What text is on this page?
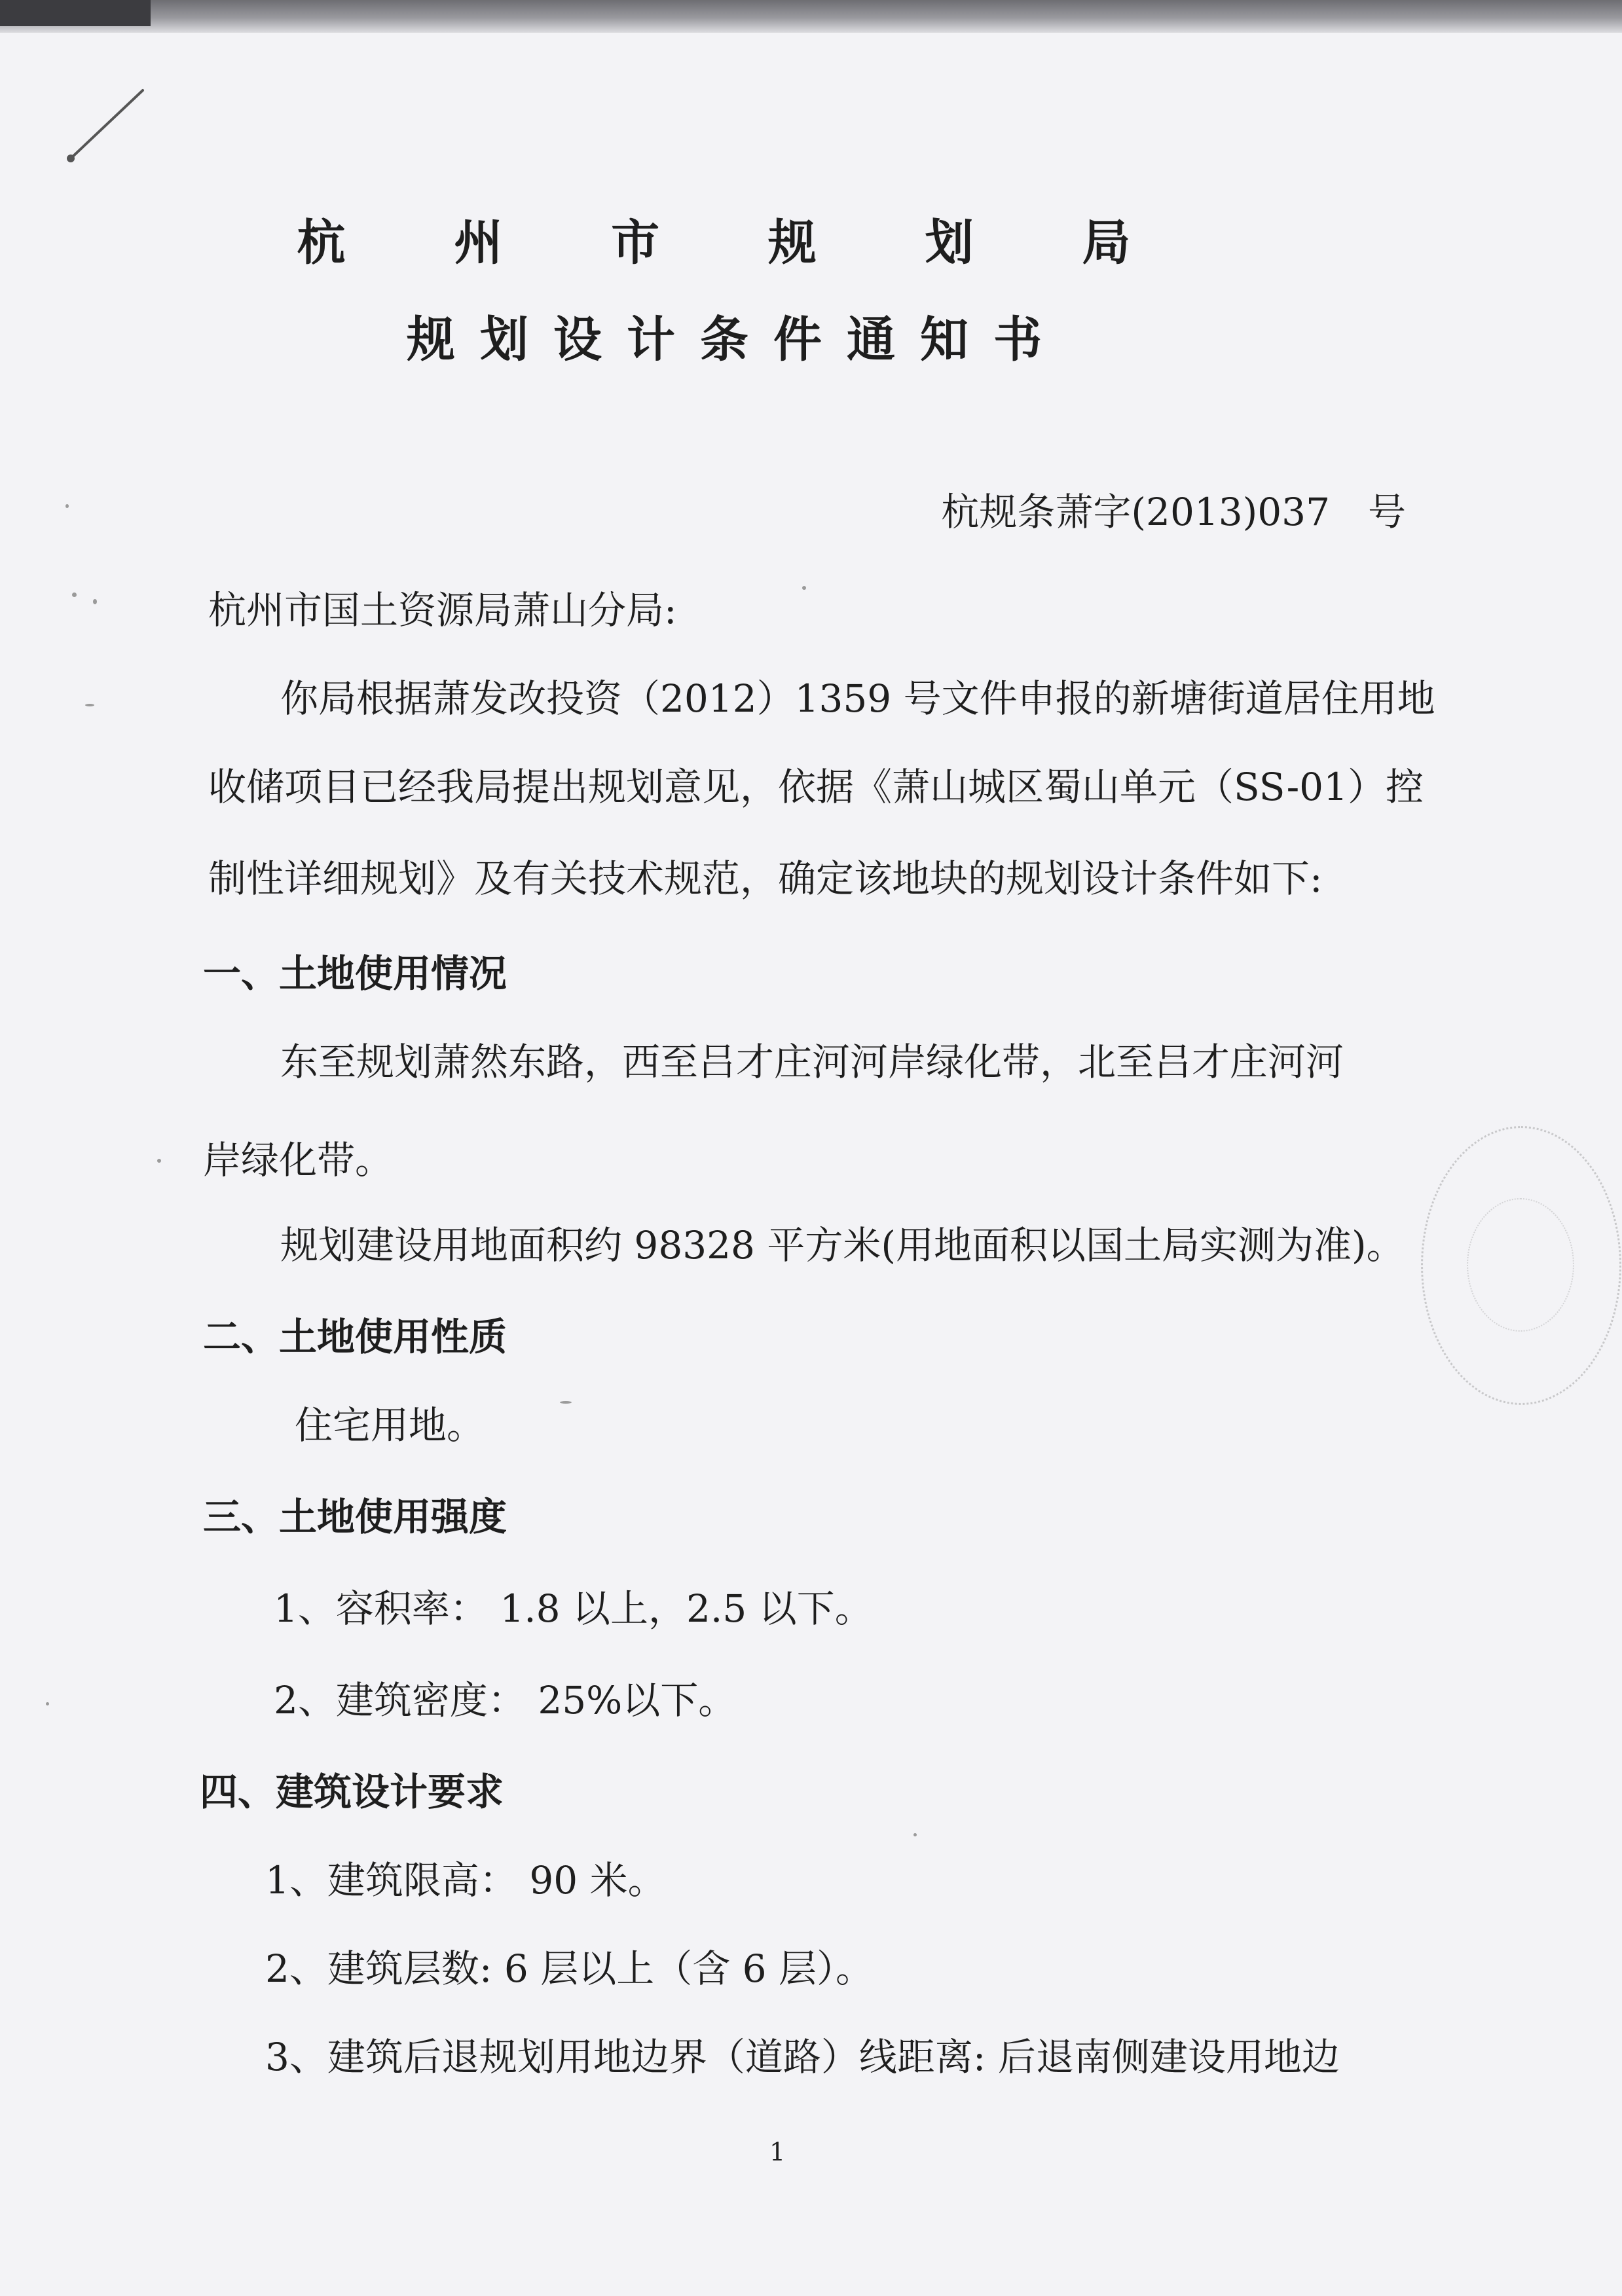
杭 州 市 规 划 局
规划设计条件通知书
杭规条萧字(2013)037　号

杭州市国土资源局萧山分局:

你局根据萧发改投资（2012）1359 号文件申报的新塘街道居住用地

收储项目已经我局提出规划意见，依据《萧山城区蜀山单元（SS-01）控

制性详细规划》及有关技术规范，确定该地块的规划设计条件如下:

一、土地使用情况

东至规划萧然东路，西至吕才庄河河岸绿化带，北至吕才庄河河

岸绿化带。

规划建设用地面积约 98328 平方米(用地面积以国土局实测为准)。

二、土地使用性质

住宅用地。

三、土地使用强度

1、容积率： 1.8 以上，2.5 以下。

2、建筑密度： 25%以下。

四、建筑设计要求

1、建筑限高： 90 米。

2、建筑层数: 6 层以上（含 6 层）。

3、建筑后退规划用地边界（道路）线距离: 后退南侧建设用地边

1
